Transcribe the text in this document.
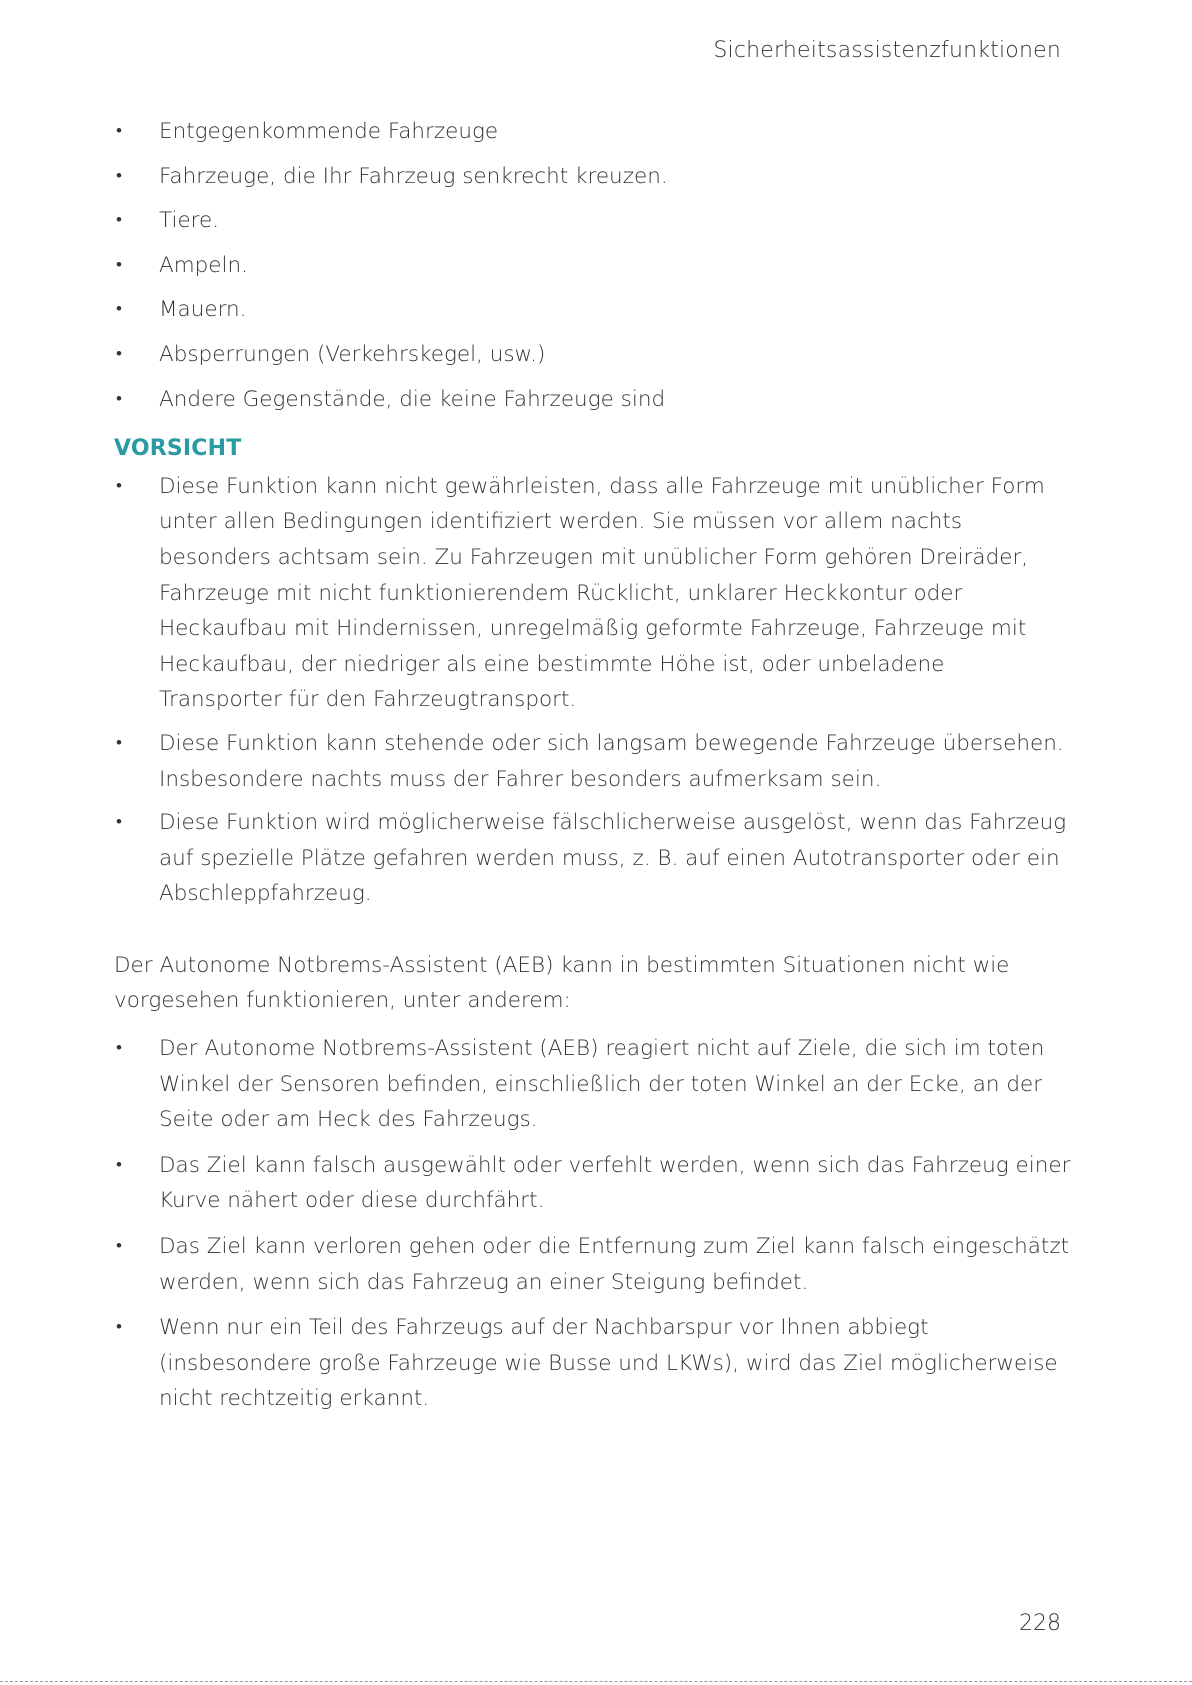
Sicherheitsassistenzfunktionen
• Entgegenkommende Fahrzeuge
• Fahrzeuge, die Ihr Fahrzeug senkrecht kreuzen.
• Tiere.
• Ampeln.
• Mauern.
• Absperrungen (Verkehrskegel, usw.)
• Andere Gegenstände, die keine Fahrzeuge sind
VORSICHT
• Diese Funktion kann nicht gewährleisten, dass alle Fahrzeuge mit unüblicher Form unter allen Bedingungen identifiziert werden. Sie müssen vor allem nachts besonders achtsam sein. Zu Fahrzeugen mit unüblicher Form gehören Dreiräder, Fahrzeuge mit nicht funktionierendem Rücklicht, unklarer Heckkontur oder Heckaufbau mit Hindernissen, unregelmäßig geformte Fahrzeuge, Fahrzeuge mit Heckaufbau, der niedriger als eine bestimmte Höhe ist, oder unbeladene Transporter für den Fahrzeugtransport.
• Diese Funktion kann stehende oder sich langsam bewegende Fahrzeuge übersehen. Insbesondere nachts muss der Fahrer besonders aufmerksam sein.
• Diese Funktion wird möglicherweise fälschlicherweise ausgelöst, wenn das Fahrzeug auf spezielle Plätze gefahren werden muss, z. B. auf einen Autotransporter oder ein Abschleppfahrzeug.

Der Autonome Notbrems-Assistent (AEB) kann in bestimmten Situationen nicht wie vorgesehen funktionieren, unter anderem:

• Der Autonome Notbrems-Assistent (AEB) reagiert nicht auf Ziele, die sich im toten Winkel der Sensoren befinden, einschließlich der toten Winkel an der Ecke, an der Seite oder am Heck des Fahrzeugs.
• Das Ziel kann falsch ausgewählt oder verfehlt werden, wenn sich das Fahrzeug einer Kurve nähert oder diese durchfährt.
• Das Ziel kann verloren gehen oder die Entfernung zum Ziel kann falsch eingeschätzt werden, wenn sich das Fahrzeug an einer Steigung befindet.
• Wenn nur ein Teil des Fahrzeugs auf der Nachbarspur vor Ihnen abbiegt (insbesondere große Fahrzeuge wie Busse und LKWs), wird das Ziel möglicherweise nicht rechtzeitig erkannt.
228
